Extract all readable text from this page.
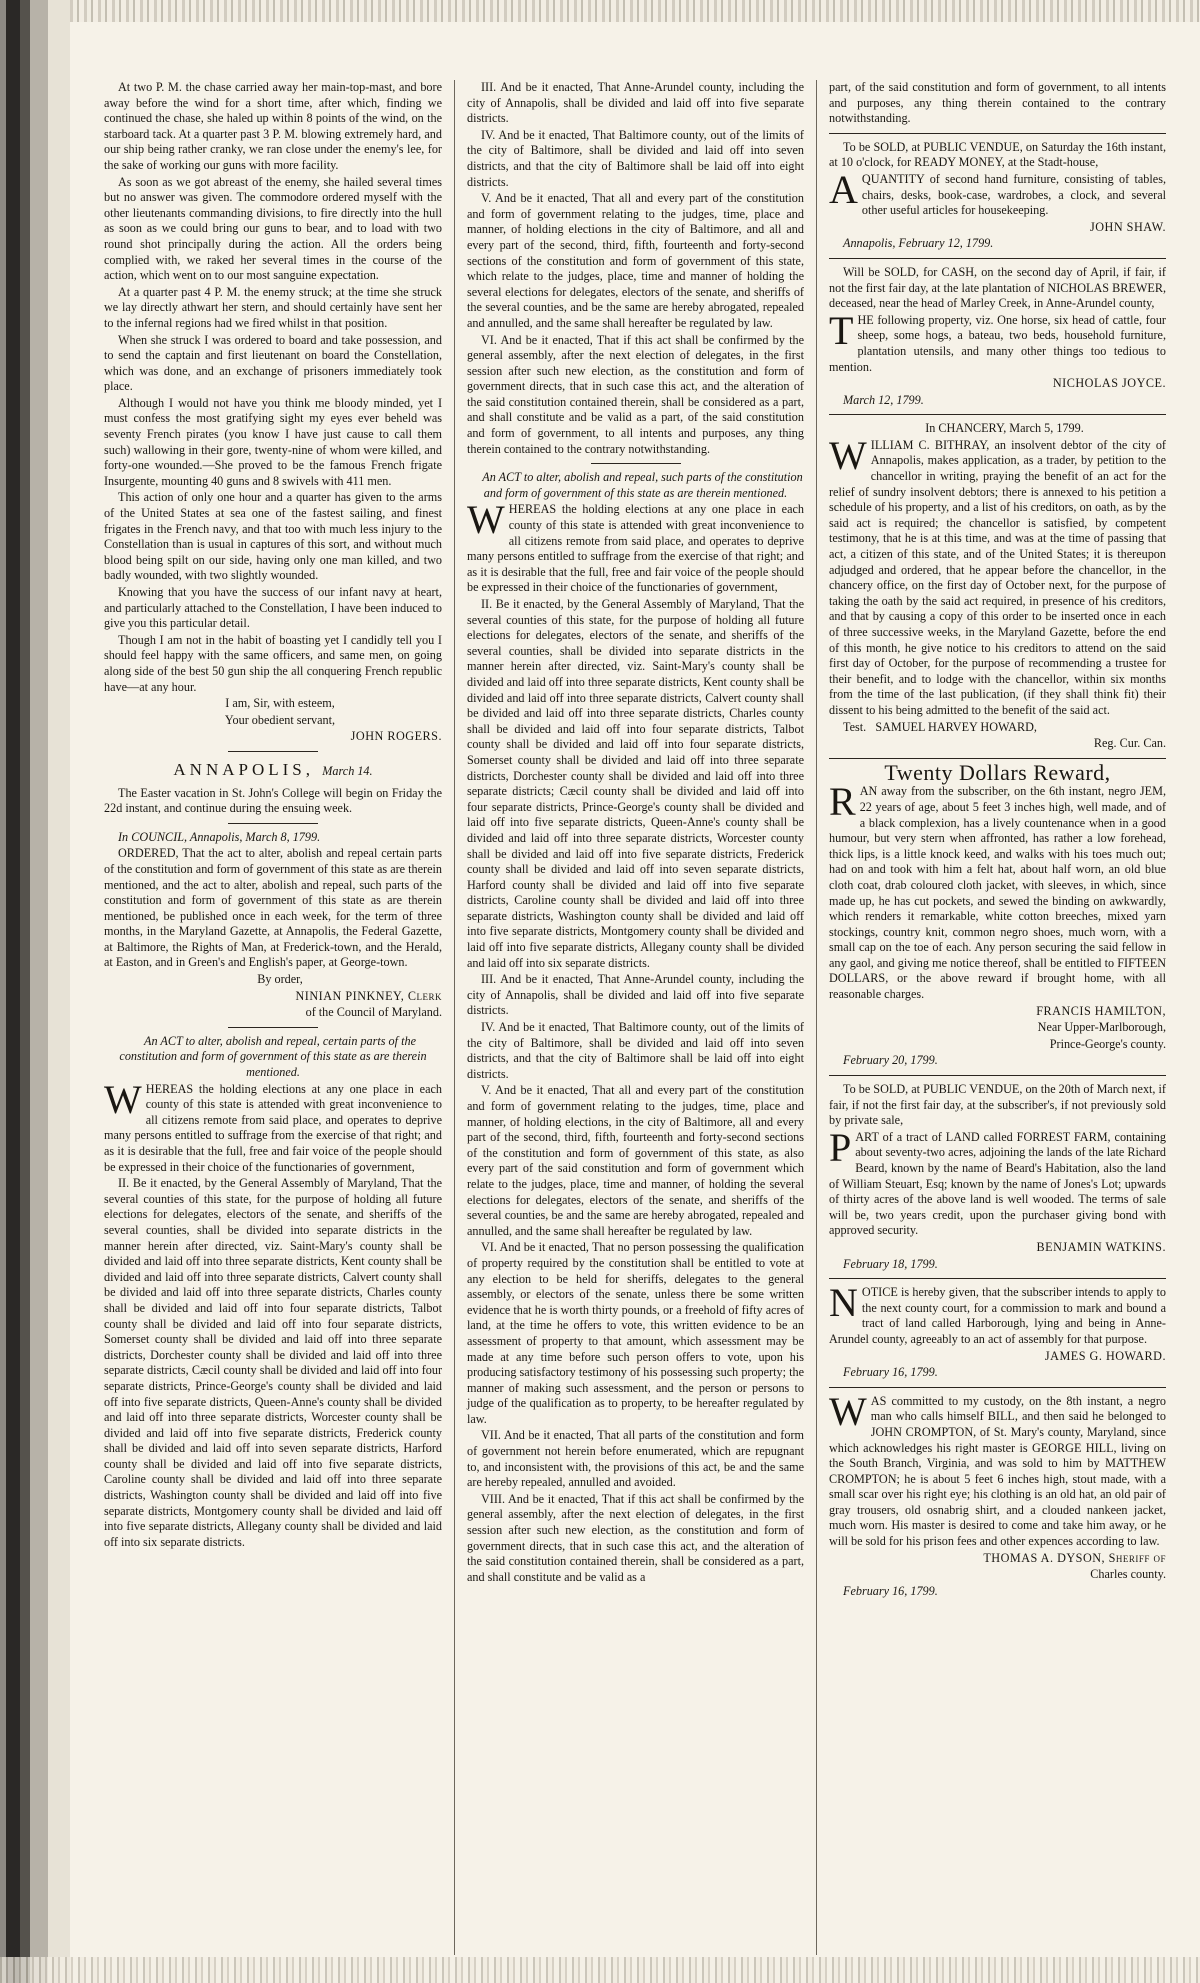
At two P. M. the chase carried away her main-top-mast, and bore away before the wind for a short time, after which, finding we continued the chase, she haled up within 8 points of the wind, on the starboard tack. At a quarter past 3 P. M. blowing extremely hard, and our ship being rather cranky, we ran close under the enemy's lee, for the sake of working our guns with more facility.

As soon as we got abreast of the enemy, she hailed several times but no answer was given. The commodore ordered myself with the other lieutenants commanding divisions, to fire directly into the hull as soon as we could bring our guns to bear, and to load with two round shot principally during the action. All the orders being complied with, we raked her several times in the course of the action, which went on to our most sanguine expectation.

At a quarter past 4 P. M. the enemy struck; at the time she struck we lay directly athwart her stern, and should certainly have sent her to the infernal regions had we fired whilst in that position.

When she struck I was ordered to board and take possession, and to send the captain and first lieutenant on board the Constellation, which was done, and an exchange of prisoners immediately took place.

Although I would not have you think me bloody minded, yet I must confess the most gratifying sight my eyes ever beheld was seventy French pirates (you know I have just cause to call them such) wallowing in their gore, twenty-nine of whom were killed, and forty-one wounded.—She proved to be the famous French frigate Insurgente, mounting 40 guns and 8 swivels with 411 men.

This action of only one hour and a quarter has given to the arms of the United States at sea one of the fastest sailing, and finest frigates in the French navy, and that too with much less injury to the Constellation than is usual in captures of this sort, and without much blood being spilt on our side, having only one man killed, and two badly wounded, with two slightly wounded.

Knowing that you have the success of our infant navy at heart, and particularly attached to the Constellation, I have been induced to give you this particular detail.

Though I am not in the habit of boasting yet I candidly tell you I should feel happy with the same officers, and same men, on going along side of the best 50 gun ship the all conquering French republic have—at any hour.

I am, Sir, with esteem,

Your obedient servant,

JOHN ROGERS.

ANNAPOLIS, March 14.

The Easter vacation in St. John's College will begin on Friday the 22d instant, and continue during the ensuing week.

In COUNCIL, Annapolis, March 8, 1799.

ORDERED, That the act to alter, abolish and repeal certain parts of the constitution and form of government of this state as are therein mentioned, and the act to alter, abolish and repeal, such parts of the constitution and form of government of this state as are therein mentioned, be published once in each week, for the term of three months, in the Maryland Gazette, at Annapolis, the Federal Gazette, at Baltimore, the Rights of Man, at Frederick-town, and the Herald, at Easton, and in Green's and English's paper, at George-town.

By order,

NINIAN PINKNEY, Clerk

of the Council of Maryland.

An ACT to alter, abolish and repeal, certain parts of the constitution and form of government of this state as are therein mentioned.

WHEREAS the holding elections at any one place in each county of this state is attended with great inconvenience to all citizens remote from said place, and operates to deprive many persons entitled to suffrage from the exercise of that right; and as it is desirable that the full, free and fair voice of the people should be expressed in their choice of the functionaries of government,

II. Be it enacted, by the General Assembly of Maryland, That the several counties of this state, for the purpose of holding all future elections for delegates, electors of the senate, and sheriffs of the several counties, shall be divided into separate districts in the manner herein after directed, viz. Saint-Mary's county shall be divided and laid off into three separate districts, Kent county shall be divided and laid off into three separate districts, Calvert county shall be divided and laid off into three separate districts, Charles county shall be divided and laid off into four separate districts, Talbot county shall be divided and laid off into four separate districts, Somerset county shall be divided and laid off into three separate districts, Dorchester county shall be divided and laid off into three separate districts, Cæcil county shall be divided and laid off into four separate districts, Prince-George's county shall be divided and laid off into five separate districts, Queen-Anne's county shall be divided and laid off into three separate districts, Worcester county shall be divided and laid off into five separate districts, Frederick county shall be divided and laid off into seven separate districts, Harford county shall be divided and laid off into five separate districts, Caroline county shall be divided and laid off into three separate districts, Washington county shall be divided and laid off into five separate districts, Montgomery county shall be divided and laid off into five separate districts, Allegany county shall be divided and laid off into six separate districts.

III. And be it enacted, That Anne-Arundel county, including the city of Annapolis, shall be divided and laid off into five separate districts.

IV. And be it enacted, That Baltimore county, out of the limits of the city of Baltimore, shall be divided and laid off into seven districts, and that the city of Baltimore shall be laid off into eight districts.

V. And be it enacted, That all and every part of the constitution and form of government relating to the judges, time, place and manner, of holding elections in the city of Baltimore, and all and every part of the second, third, fifth, fourteenth and forty-second sections of the constitution and form of government of this state, which relate to the judges, place, time and manner of holding the several elections for delegates, electors of the senate, and sheriffs of the several counties, and be the same are hereby abrogated, repealed and annulled, and the same shall hereafter be regulated by law.

VI. And be it enacted, That if this act shall be confirmed by the general assembly, after the next election of delegates, in the first session after such new election, as the constitution and form of government directs, that in such case this act, and the alteration of the said constitution contained therein, shall be considered as a part, and shall constitute and be valid as a part, of the said constitution and form of government, to all intents and purposes, any thing therein contained to the contrary notwithstanding.

An ACT to alter, abolish and repeal, such parts of the constitution and form of government of this state as are therein mentioned.

WHEREAS the holding elections at any one place in each county of this state is attended with great inconvenience to all citizens remote from said place, and operates to deprive many persons entitled to suffrage from the exercise of that right; and as it is desirable that the full, free and fair voice of the people should be expressed in their choice of the functionaries of government,

II. Be it enacted, by the General Assembly of Maryland, That the several counties of this state, for the purpose of holding all future elections for delegates, electors of the senate, and sheriffs of the several counties, shall be divided into separate districts in the manner herein after directed, viz. Saint-Mary's county shall be divided and laid off into three separate districts, Kent county shall be divided and laid off into three separate districts, Calvert county shall be divided and laid off into three separate districts, Charles county shall be divided and laid off into four separate districts, Talbot county shall be divided and laid off into four separate districts, Somerset county shall be divided and laid off into three separate districts, Dorchester county shall be divided and laid off into three separate districts; Cæcil county shall be divided and laid off into four separate districts, Prince-George's county shall be divided and laid off into five separate districts, Queen-Anne's county shall be divided and laid off into three separate districts, Worcester county shall be divided and laid off into five separate districts, Frederick county shall be divided and laid off into seven separate districts, Harford county shall be divided and laid off into five separate districts, Caroline county shall be divided and laid off into three separate districts, Washington county shall be divided and laid off into five separate districts, Montgomery county shall be divided and laid off into five separate districts, Allegany county shall be divided and laid off into six separate districts.

III. And be it enacted, That Anne-Arundel county, including the city of Annapolis, shall be divided and laid off into five separate districts.

IV. And be it enacted, That Baltimore county, out of the limits of the city of Baltimore, shall be divided and laid off into seven districts, and that the city of Baltimore shall be laid off into eight districts.

V. And be it enacted, That all and every part of the constitution and form of government relating to the judges, time, place and manner, of holding elections, in the city of Baltimore, all and every part of the second, third, fifth, fourteenth and forty-second sections of the constitution and form of government of this state, as also every part of the said constitution and form of government which relate to the judges, place, time and manner, of holding the several elections for delegates, electors of the senate, and sheriffs of the several counties, be and the same are hereby abrogated, repealed and annulled, and the same shall hereafter be regulated by law.

VI. And be it enacted, That no person possessing the qualification of property required by the constitution shall be entitled to vote at any election to be held for sheriffs, delegates to the general assembly, or electors of the senate, unless there be some written evidence that he is worth thirty pounds, or a freehold of fifty acres of land, at the time he offers to vote, this written evidence to be an assessment of property to that amount, which assessment may be made at any time before such person offers to vote, upon his producing satisfactory testimony of his possessing such property; the manner of making such assessment, and the person or persons to judge of the qualification as to property, to be hereafter regulated by law.

VII. And be it enacted, That all parts of the constitution and form of government not herein before enumerated, which are repugnant to, and inconsistent with, the provisions of this act, be and the same are hereby repealed, annulled and avoided.

VIII. And be it enacted, That if this act shall be confirmed by the general assembly, after the next election of delegates, in the first session after such new election, as the constitution and form of government directs, that in such case this act, and the alteration of the said constitution contained therein, shall be considered as a part, and shall constitute and be valid as a

part, of the said constitution and form of government, to all intents and purposes, any thing therein contained to the contrary notwithstanding.

To be SOLD, at PUBLIC VENDUE, on Saturday the 16th instant, at 10 o'clock, for READY MONEY, at the Stadt-house,

AQUANTITY of second hand furniture, consisting of tables, chairs, desks, book-case, wardrobes, a clock, and several other useful articles for housekeeping.

JOHN SHAW.

Annapolis, February 12, 1799.

Will be SOLD, for CASH, on the second day of April, if fair, if not the first fair day, at the late plantation of NICHOLAS BREWER, deceased, near the head of Marley Creek, in Anne-Arundel county,

THE following property, viz. One horse, six head of cattle, four sheep, some hogs, a bateau, two beds, household furniture, plantation utensils, and many other things too tedious to mention.

NICHOLAS JOYCE.

March 12, 1799.

In CHANCERY, March 5, 1799.

WILLIAM C. BITHRAY, an insolvent debtor of the city of Annapolis, makes application, as a trader, by petition to the chancellor in writing, praying the benefit of an act for the relief of sundry insolvent debtors; there is annexed to his petition a schedule of his property, and a list of his creditors, on oath, as by the said act is required; the chancellor is satisfied, by competent testimony, that he is at this time, and was at the time of passing that act, a citizen of this state, and of the United States; it is thereupon adjudged and ordered, that he appear before the chancellor, in the chancery office, on the first day of October next, for the purpose of taking the oath by the said act required, in presence of his creditors, and that by causing a copy of this order to be inserted once in each of three successive weeks, in the Maryland Gazette, before the end of this month, he give notice to his creditors to attend on the said first day of October, for the purpose of recommending a trustee for their benefit, and to lodge with the chancellor, within six months from the time of the last publication, (if they shall think fit) their dissent to his being admitted to the benefit of the said act.

Test. SAMUEL HARVEY HOWARD,

Reg. Cur. Can.

Twenty Dollars Reward,

RAN away from the subscriber, on the 6th instant, negro JEM, 22 years of age, about 5 feet 3 inches high, well made, and of a black complexion, has a lively countenance when in a good humour, but very stern when affronted, has rather a low forehead, thick lips, is a little knock keed, and walks with his toes much out; had on and took with him a felt hat, about half worn, an old blue cloth coat, drab coloured cloth jacket, with sleeves, in which, since made up, he has cut pockets, and sewed the binding on awkwardly, which renders it remarkable, white cotton breeches, mixed yarn stockings, country knit, common negro shoes, much worn, with a small cap on the toe of each. Any person securing the said fellow in any gaol, and giving me notice thereof, shall be entitled to FIFTEEN DOLLARS, or the above reward if brought home, with all reasonable charges.

FRANCIS HAMILTON,

Near Upper-Marlborough,

Prince-George's county.

February 20, 1799.

To be SOLD, at PUBLIC VENDUE, on the 20th of March next, if fair, if not the first fair day, at the subscriber's, if not previously sold by private sale,

PART of a tract of LAND called FORREST FARM, containing about seventy-two acres, adjoining the lands of the late Richard Beard, known by the name of Beard's Habitation, also the land of William Steuart, Esq; known by the name of Jones's Lot; upwards of thirty acres of the above land is well wooded. The terms of sale will be, two years credit, upon the purchaser giving bond with approved security.

BENJAMIN WATKINS.

February 18, 1799.

NOTICE is hereby given, that the subscriber intends to apply to the next county court, for a commission to mark and bound a tract of land called Harborough, lying and being in Anne-Arundel county, agreeably to an act of assembly for that purpose.

JAMES G. HOWARD.

February 16, 1799.

WAS committed to my custody, on the 8th instant, a negro man who calls himself BILL, and then said he belonged to JOHN CROMPTON, of St. Mary's county, Maryland, since which acknowledges his right master is GEORGE HILL, living on the South Branch, Virginia, and was sold to him by MATTHEW CROMPTON; he is about 5 feet 6 inches high, stout made, with a small scar over his right eye; his clothing is an old hat, an old pair of gray trousers, old osnabrig shirt, and a clouded nankeen jacket, much worn. His master is desired to come and take him away, or he will be sold for his prison fees and other expences according to law.

THOMAS A. DYSON, Sheriff of

Charles county.

February 16, 1799.
